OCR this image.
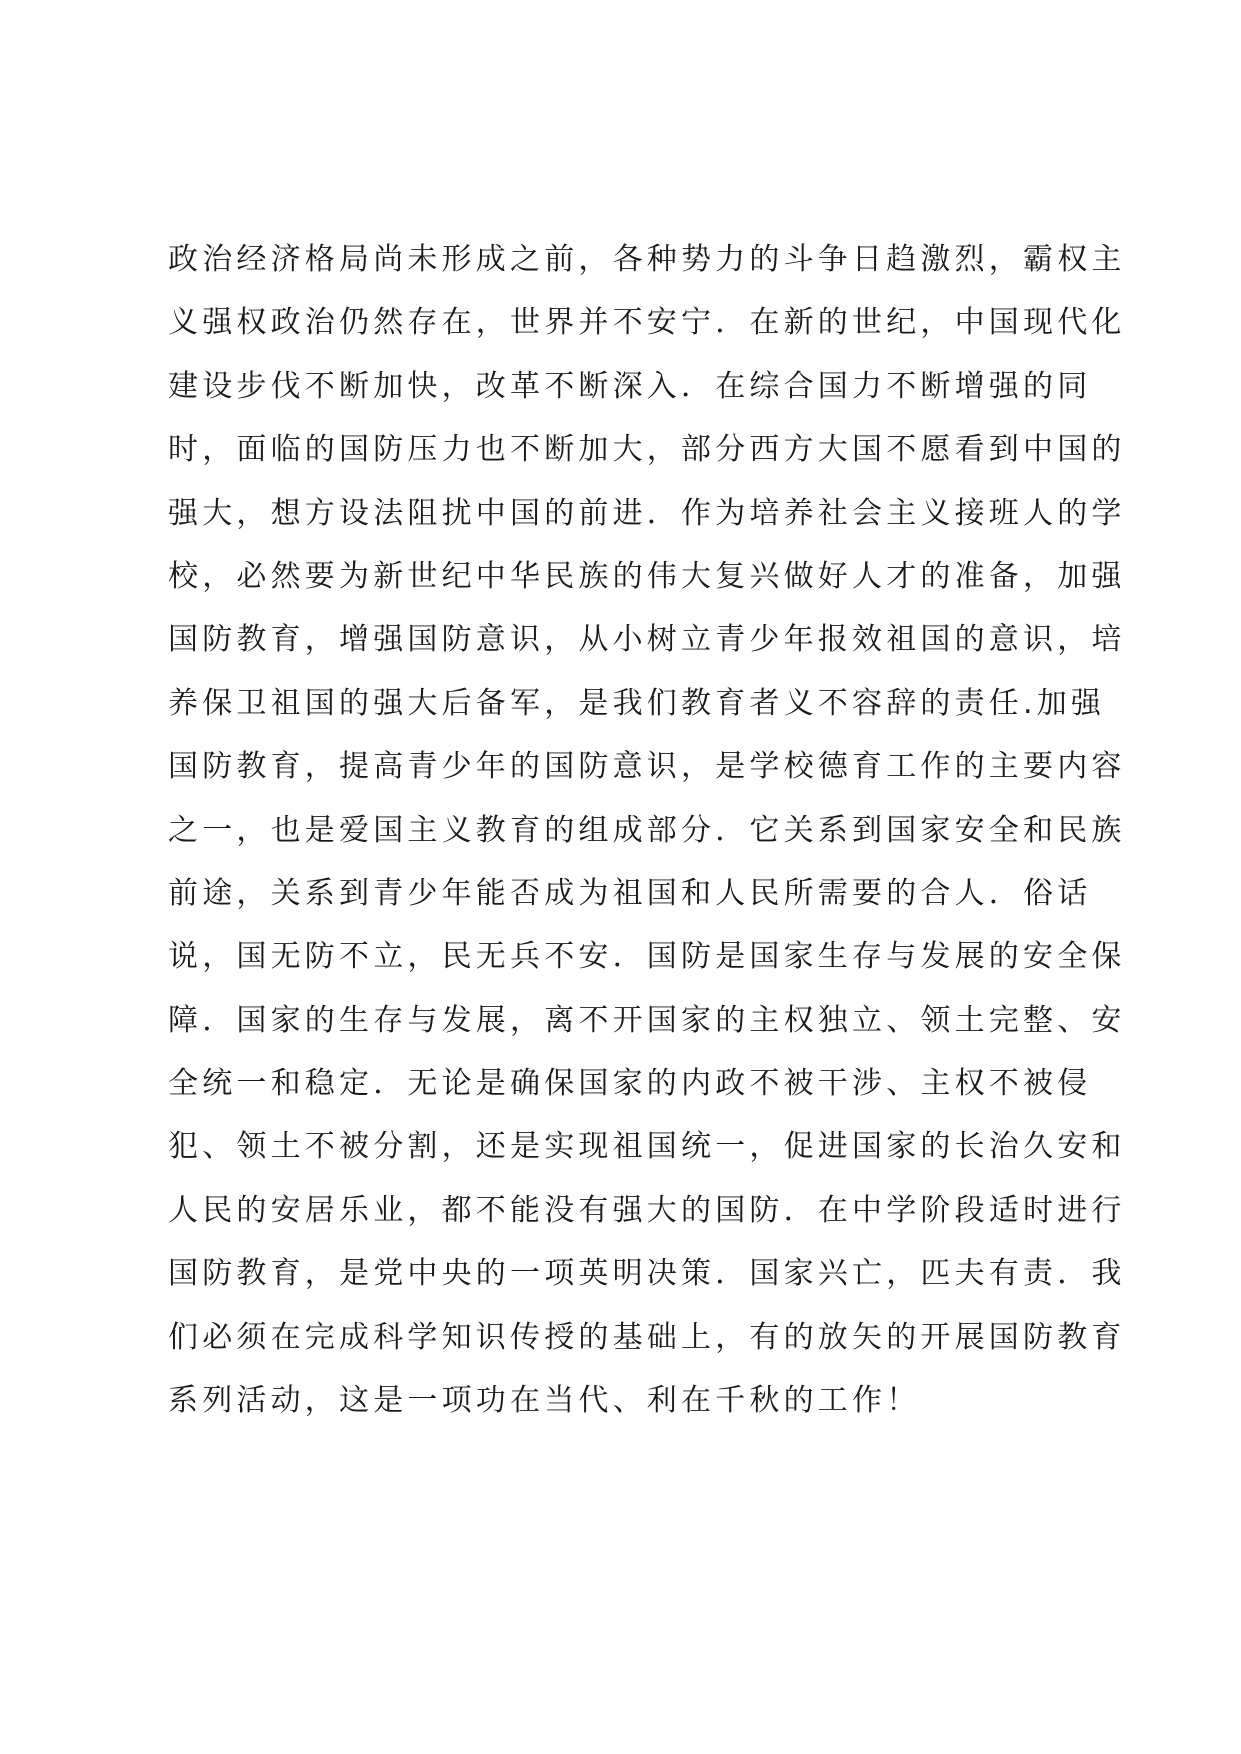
政治经济格局尚未形成之前，各种势力的斗争日趋激烈，霸权主
义强权政治仍然存在，世界并不安宁．在新的世纪，中国现代化
建设步伐不断加快，改革不断深入．在综合国力不断增强的同
时，面临的国防压力也不断加大，部分西方大国不愿看到中国的
强大，想方设法阻扰中国的前进．作为培养社会主义接班人的学
校，必然要为新世纪中华民族的伟大复兴做好人才的准备，加强
国防教育，增强国防意识，从小树立青少年报效祖国的意识，培
养保卫祖国的强大后备军，是我们教育者义不容辞的责任.加强
国防教育，提高青少年的国防意识，是学校德育工作的主要内容
之一，也是爱国主义教育的组成部分．它关系到国家安全和民族
前途，关系到青少年能否成为祖国和人民所需要的合人．俗话
说，国无防不立，民无兵不安．国防是国家生存与发展的安全保
障．国家的生存与发展，离不开国家的主权独立、领土完整、安
全统一和稳定．无论是确保国家的内政不被干涉、主权不被侵
犯、领土不被分割，还是实现祖国统一，促进国家的长治久安和
人民的安居乐业，都不能没有强大的国防．在中学阶段适时进行
国防教育，是党中央的一项英明决策．国家兴亡，匹夫有责．我
们必须在完成科学知识传授的基础上，有的放矢的开展国防教育
系列活动，这是一项功在当代、利在千秋的工作！
